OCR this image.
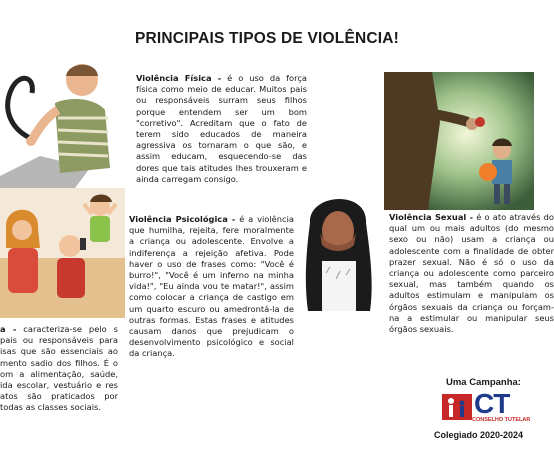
PRINCIPAIS TIPOS DE VIOLÊNCIA!

Violência Física - é o uso da força física como meio de educar. Muitos pais ou responsáveis surram seus filhos porque entendem ser um bom "corretivo". Acreditam que o fato de terem sido educados de maneira agressiva os tornaram o que são, e assim educam, esquecendo-se das dores que tais atitudes lhes trouxeram e ainda carregam consigo.

Violência Psicológica - é a violência que humilha, rejeita, fere moralmente a criança ou adolescente. Envolve a indiferença a rejeição afetiva. Pode haver o uso de frases como: "Você é burro!", "Você é um inferno na minha vida!", "Eu ainda vou te matar!", assim como colocar a criança de castigo em um quarto escuro ou amedrontá-la de outras formas. Estas frases e atitudes causam danos que prejudicam o desenvolvimento psicológico e social da criança.

Violência Sexual - é o ato através do qual um ou mais adultos (do mesmo sexo ou não) usam a criança ou adolescente com a finalidade de obter prazer sexual. Não é só o uso da criança ou adolescente como parceiro sexual, mas também quando os adultos estimulam e manipulam os órgãos sexuais da criança ou forçam-na a estimular ou manipular seus órgãos sexuais.

a - caracteriza-se pelo s pais ou responsáveis para isas que são essenciais ao mento sadio dos filhos. É o om a alimentação, saúde, ida escolar, vestuário e res atos são praticados por todas as classes sociais.

Uma Campanha:
CT
CONSELHO TUTELAR
Colegiado 2020-2024
